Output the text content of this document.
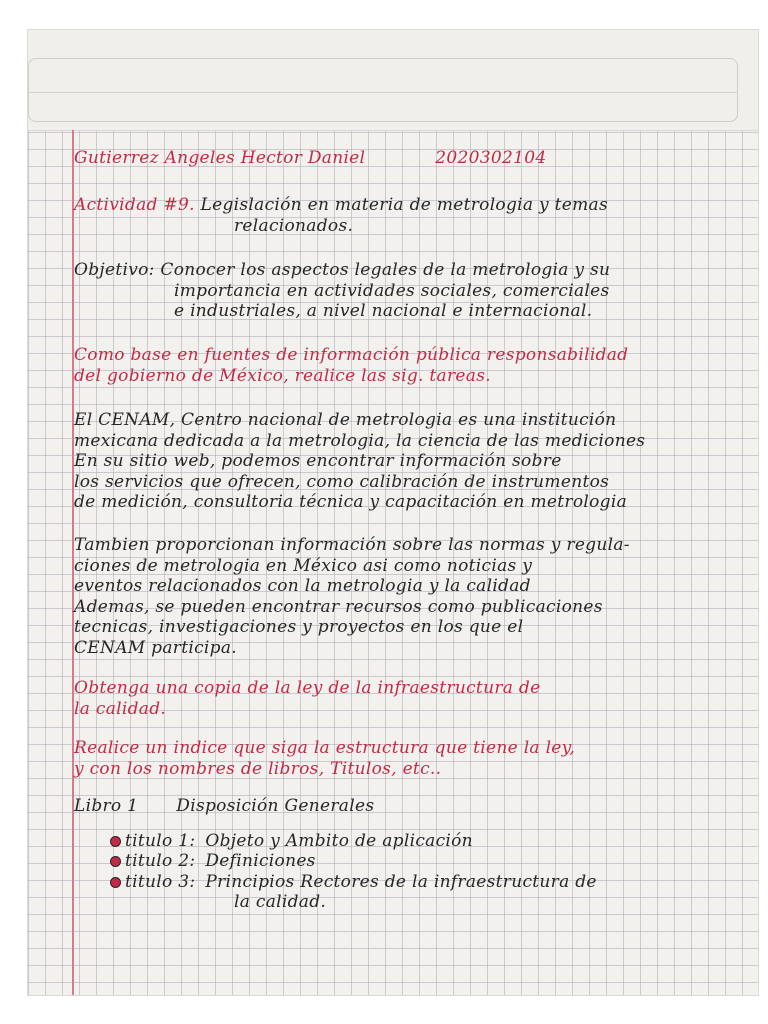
Gutierrez Angeles Hector Daniel	2020302104
Actividad #9. Legislación en materia de metrologia y temas
relacionados.
Objetivo: Conocer los aspectos legales de la metrologia y su
importancia en actividades sociales, comerciales
e industriales, a nivel nacional e internacional.
Como base en fuentes de información pública responsabilidad
del gobierno de México, realice las sig. tareas.
El CENAM, Centro nacional de metrologia es una institución
mexicana dedicada a la metrologia, la ciencia de las mediciones
En su sitio web, podemos encontrar información sobre
los servicios que ofrecen, como calibración de instrumentos
de medición, consultoria técnica y capacitación en metrologia
Tambien proporcionan información sobre las normas y regula-
ciones de metrologia en México asi como noticias y
eventos relacionados con la metrologia y la calidad
Ademas, se pueden encontrar recursos como publicaciones
tecnicas, investigaciones y proyectos en los que el
CENAM participa.
Obtenga una copia de la ley de la infraestructura de
la calidad.
Realice un indice que siga la estructura que tiene la ley,
y con los nombres de libros, Titulos, etc..
Libro 1 Disposición Generales
titulo 1: Objeto y Ambito de aplicación
titulo 2: Definiciones
titulo 3: Principios Rectores de la infraestructura de
la calidad.
